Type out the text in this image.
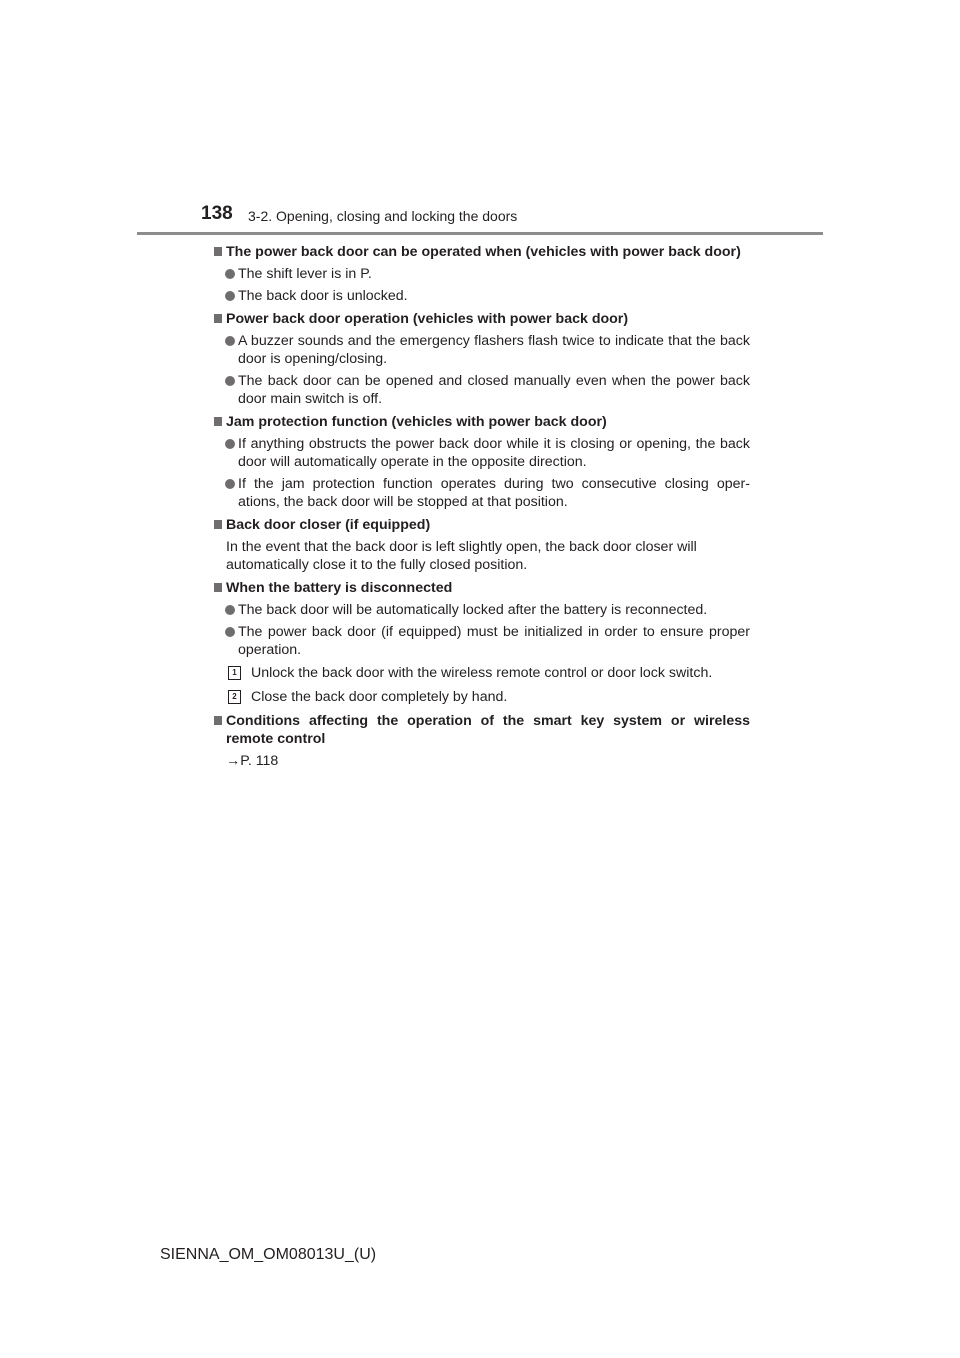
138 3-2. Opening, closing and locking the doors
The power back door can be operated when (vehicles with power back door)
The shift lever is in P.
The back door is unlocked.
Power back door operation (vehicles with power back door)
A buzzer sounds and the emergency flashers flash twice to indicate that the back door is opening/closing.
The back door can be opened and closed manually even when the power back door main switch is off.
Jam protection function (vehicles with power back door)
If anything obstructs the power back door while it is closing or opening, the back door will automatically operate in the opposite direction.
If the jam protection function operates during two consecutive closing oper- ations, the back door will be stopped at that position.
Back door closer (if equipped)
In the event that the back door is left slightly open, the back door closer will automatically close it to the fully closed position.
When the battery is disconnected
The back door will be automatically locked after the battery is reconnected.
The power back door (if equipped) must be initialized in order to ensure proper operation.
1	Unlock the back door with the wireless remote control or door lock switch.
2	Close the back door completely by hand.
Conditions affecting the operation of the smart key system or wireless remote control
→P. 118
SIENNA_OM_OM08013U_(U)
